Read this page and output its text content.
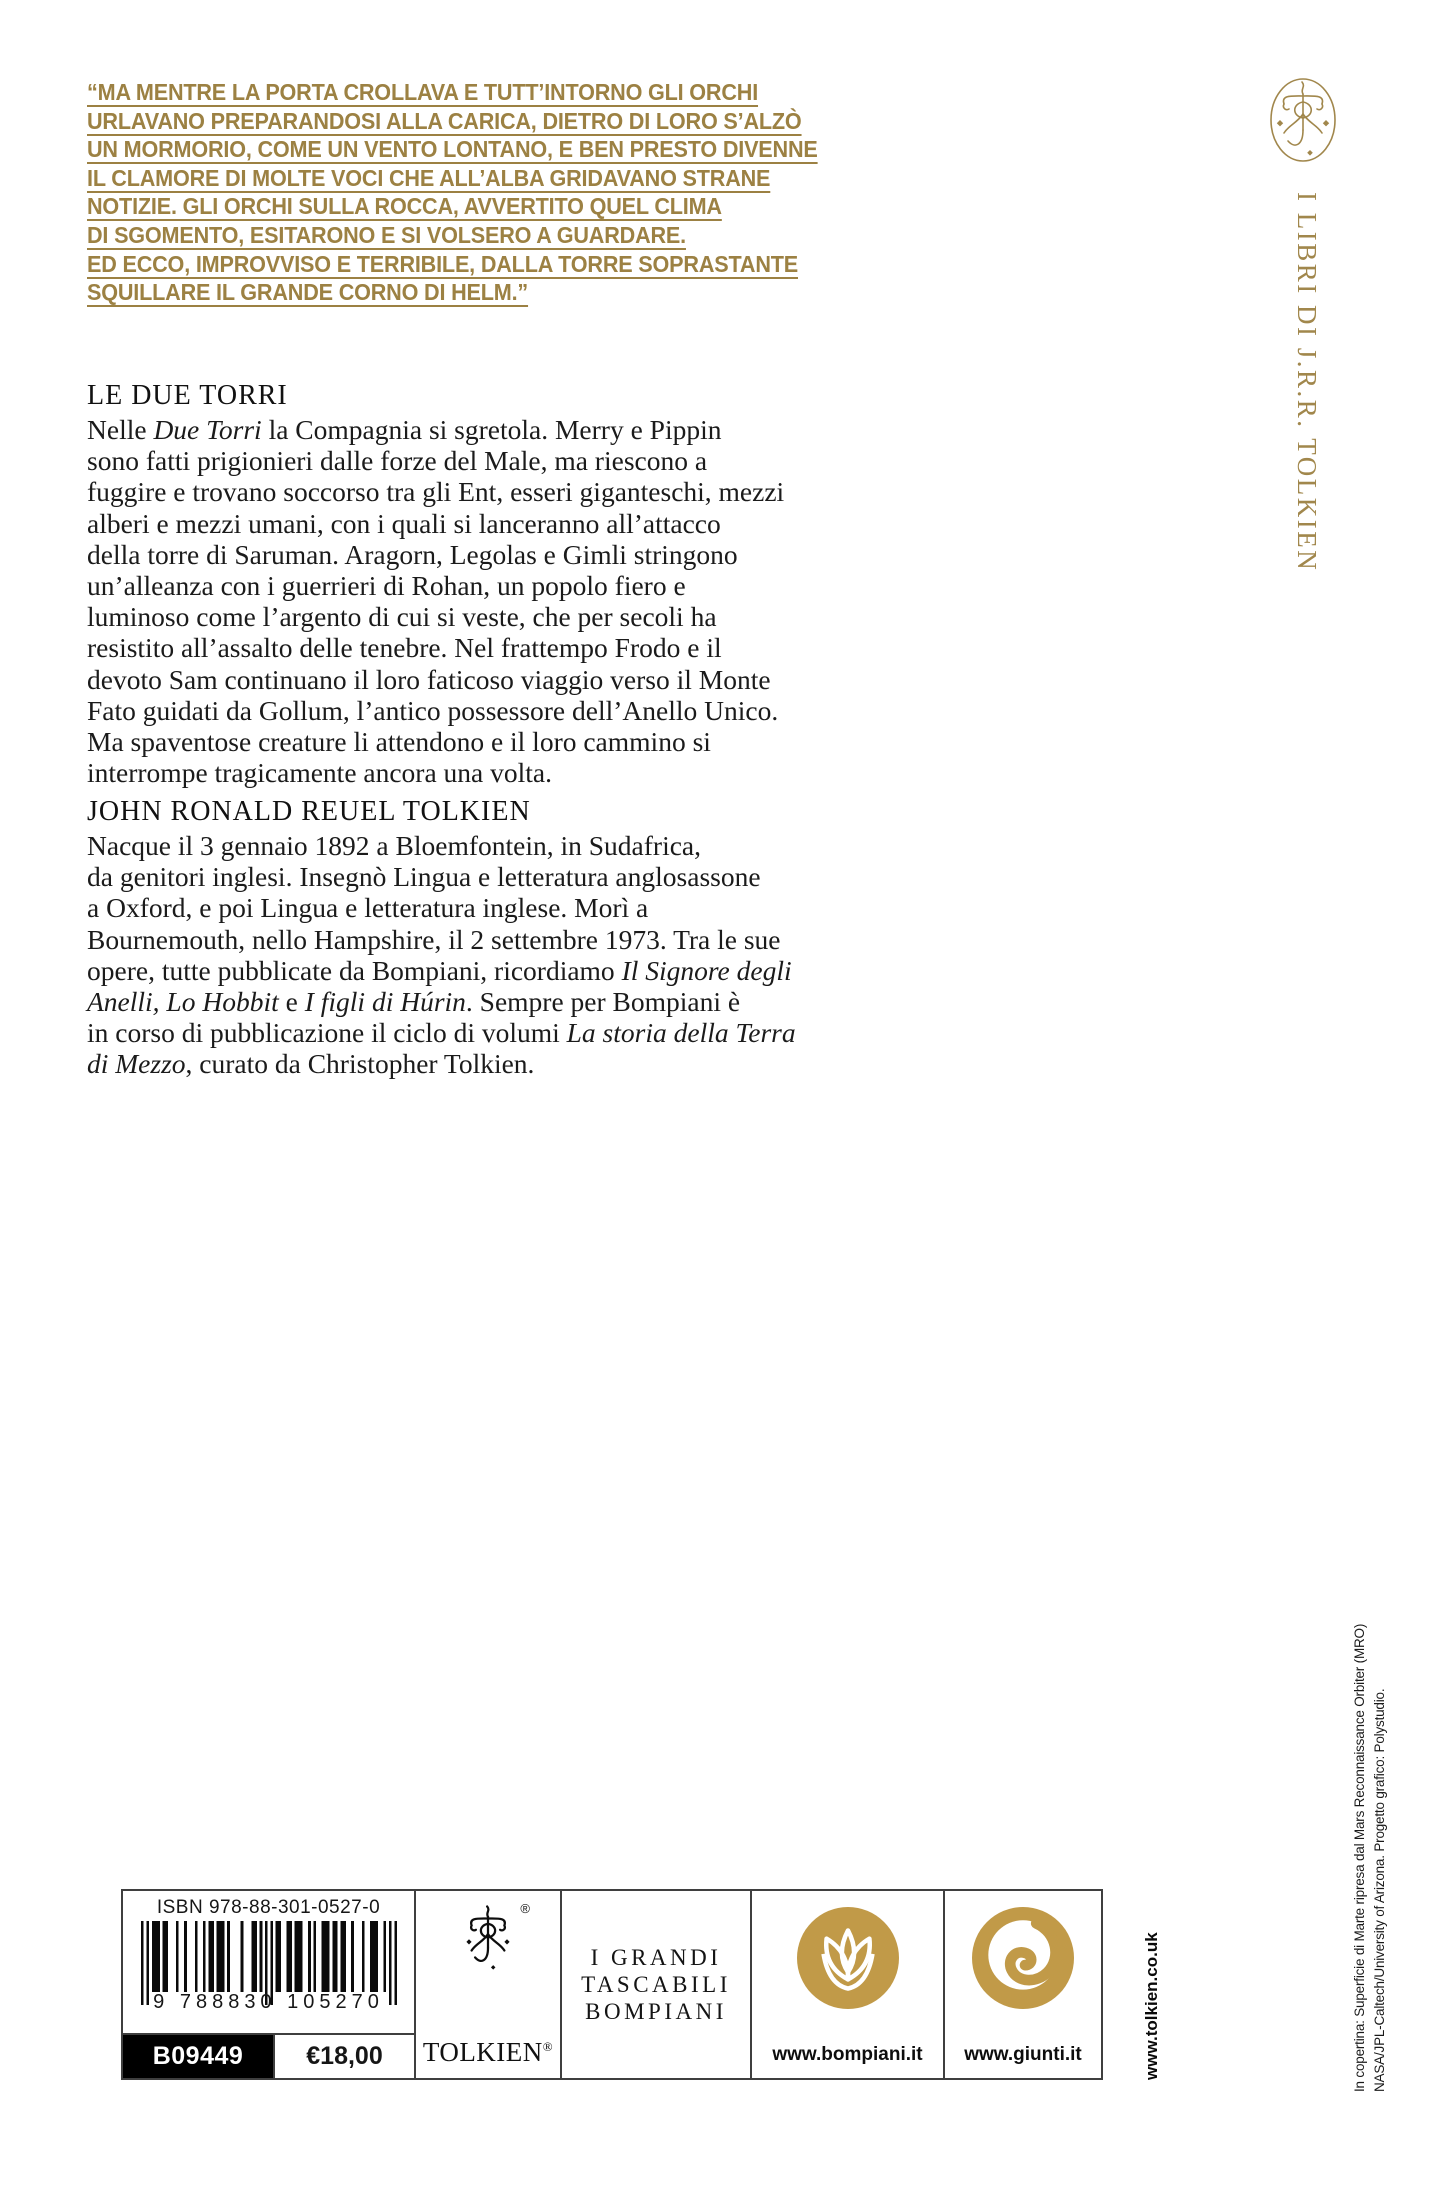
“MA MENTRE LA PORTA CROLLAVA E TUTT’INTORNO GLI ORCHI
URLAVANO PREPARANDOSI ALLA CARICA, DIETRO DI LORO S’ALZÒ
UN MORMORIO, COME UN VENTO LONTANO, E BEN PRESTO DIVENNE
IL CLAMORE DI MOLTE VOCI CHE ALL’ALBA GRIDAVANO STRANE
NOTIZIE. GLI ORCHI SULLA ROCCA, AVVERTITO QUEL CLIMA
DI SGOMENTO, ESITARONO E SI VOLSERO A GUARDARE.
ED ECCO, IMPROVVISO E TERRIBILE, DALLA TORRE SOPRASTANTE
SQUILLARE IL GRANDE CORNO DI HELM.”	I LIBRI DI J.R.R. TOLKIEN
LE DUE TORRI
Nelle Due Torri la Compagnia si sgretola. Merry e Pippin
sono fatti prigionieri dalle forze del Male, ma riescono a
fuggire e trovano soccorso tra gli Ent, esseri giganteschi, mezzi
alberi e mezzi umani, con i quali si lanceranno all’attacco
della torre di Saruman. Aragorn, Legolas e Gimli stringono
un’alleanza con i guerrieri di Rohan, un popolo fiero e
luminoso come l’argento di cui si veste, che per secoli ha
resistito all’assalto delle tenebre. Nel frattempo Frodo e il
devoto Sam continuano il loro faticoso viaggio verso il Monte
Fato guidati da Gollum, l’antico possessore dell’Anello Unico.
Ma spaventose creature li attendono e il loro cammino si
interrompe tragicamente ancora una volta.
JOHN RONALD REUEL TOLKIEN
Nacque il 3 gennaio 1892 a Bloemfontein, in Sudafrica,
da genitori inglesi. Insegnò Lingua e letteratura anglosassone
a Oxford, e poi Lingua e letteratura inglese. Morì a
Bournemouth, nello Hampshire, il 2 settembre 1973. Tra le sue
opere, tutte pubblicate da Bompiani, ricordiamo Il Signore degli
Anelli, Lo Hobbit e I figli di Húrin. Sempre per Bompiani è
in corso di pubblicazione il ciclo di volumi La storia della Terra
di Mezzo, curato da Christopher Tolkien.
ISBN 978-88-301-0527-0
9 788830 105270
B09449	€18,00
®
TOLKIEN®
I GRANDI
TASCABILI
BOMPIANI
www.bompiani.it www.giunti.it	www.tolkien.co.uk	In copertina: Superficie di Marte ripresa dal Mars Reconnaissance Orbiter (MRO) NASA/JPL-Caltech/University of Arizona. Progetto grafico: Polystudio.
